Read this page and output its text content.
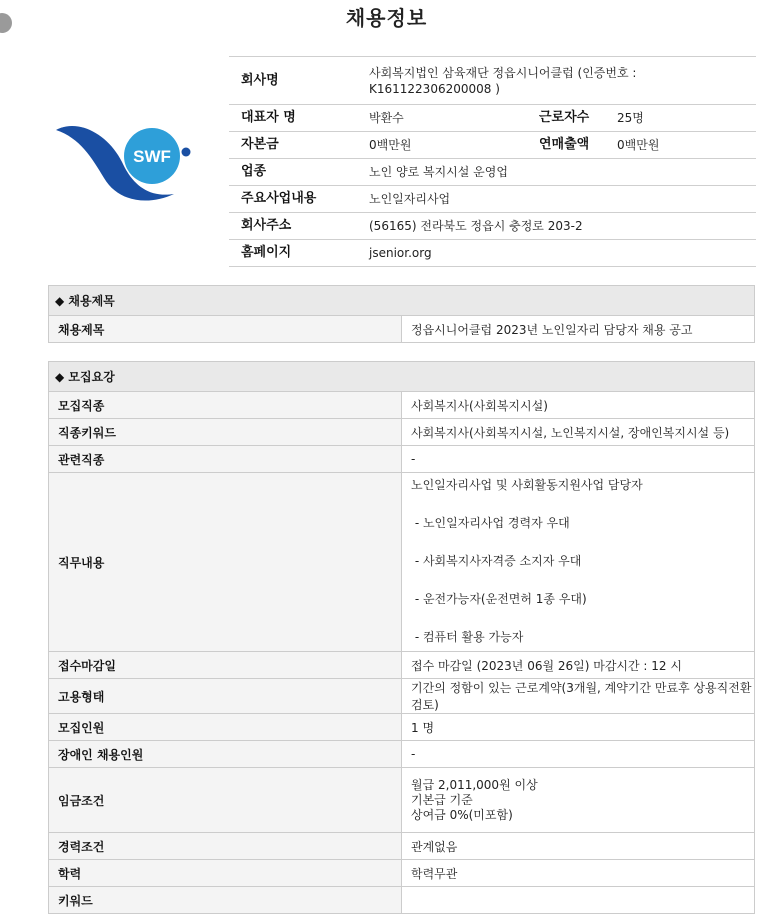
채용정보
SWF
회사명	사회복지법인 삼육재단 정읍시니어클럽 (인증번호 : K161122306200008 )		
대표자 명	박환수	근로자수	25명
자본금	0백만원	연매출액	0백만원
업종	노인 양로 복지시설 운영업		
주요사업내용	노인일자리사업		
회사주소	(56165) 전라북도 정읍시 충정로 203-2		
홈페이지	jsenior.org		
◆ 채용제목
채용제목	정읍시니어클럽 2023년 노인일자리 담당자 채용 공고
◆ 모집요강	
모집직종	사회복지사(사회복지시설)
직종키워드	사회복지사(사회복지시설, 노인복지시설, 장애인복지시설 등)
관련직종	-
직무내용	노인일자리사업 및 사회활동지원사업 담당자
- 노인일자리사업 경력자 우대
- 사회복지사자격증 소지자 우대
- 운전가능자(운전면허 1종 우대)
- 컴퓨터 활용 가능자

접수마감일	접수 마감일 (2023년 06월 26일) 마감시간 : 12 시
고용형태	기간의 정함이 있는 근로계약(3개월, 계약기간 만료후 상용직전환검토)
모집인원	1 명
장애인 채용인원	-
임금조건	월급 2,011,000원 이상
기본급 기준
상여금 0%(미포함)

경력조건	관계없음
학력	학력무관
키워드	
